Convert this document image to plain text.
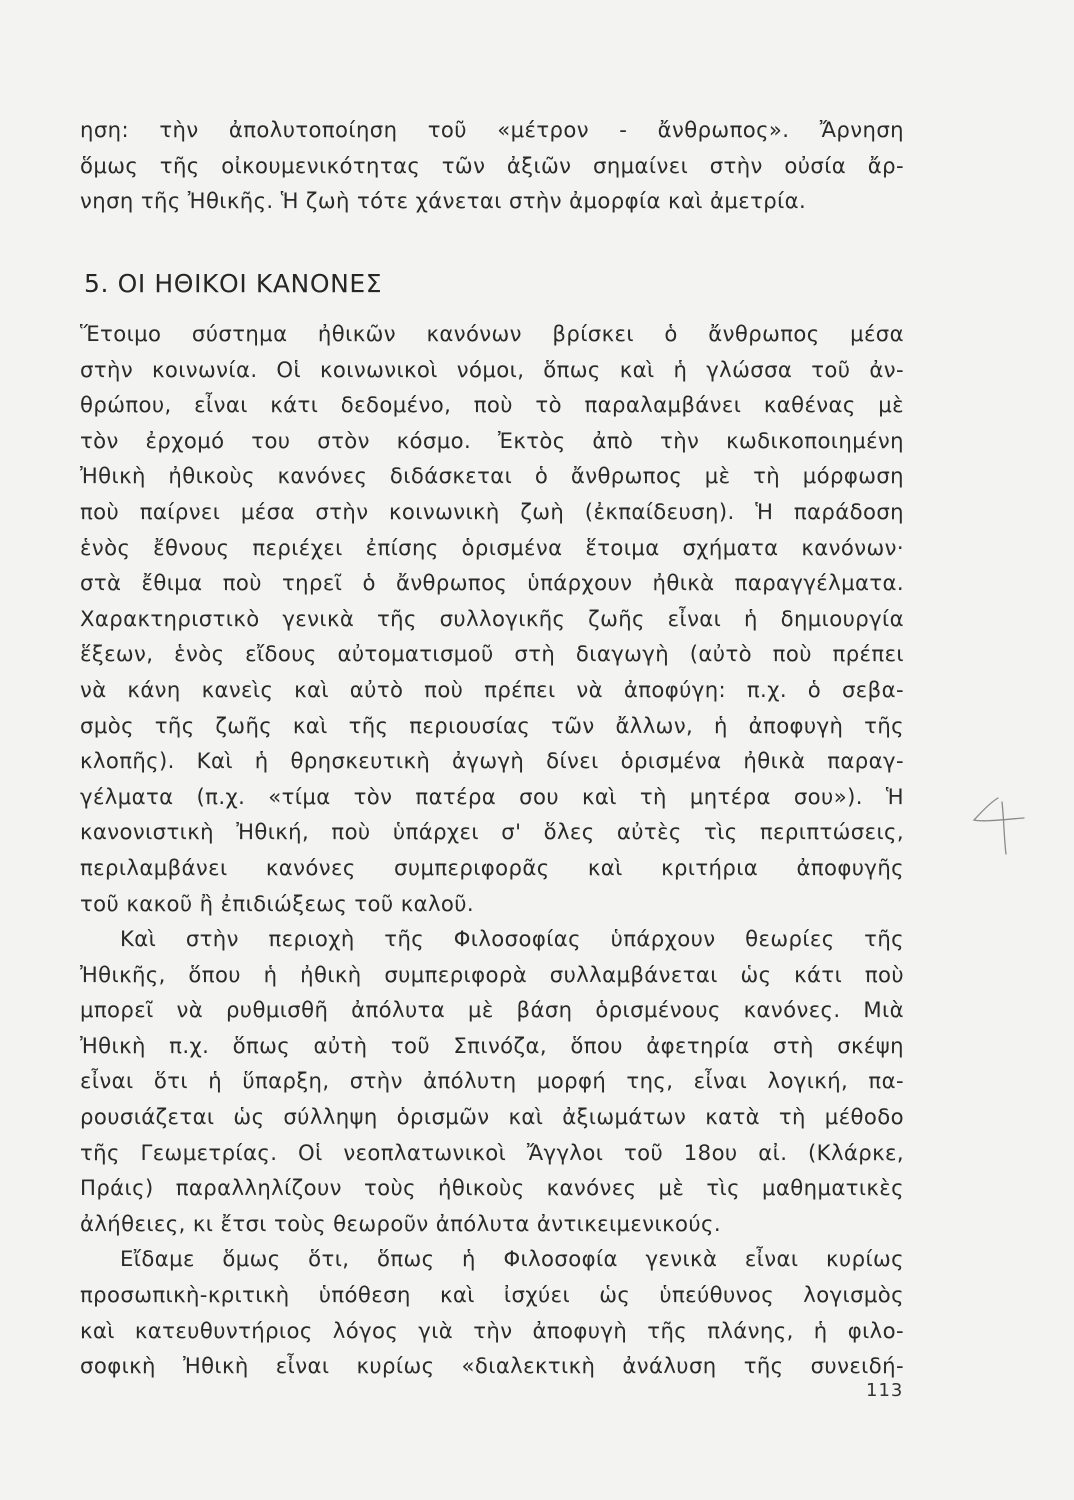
ηση: τὴν ἀπολυτοποίηση τοῦ «μέτρον - ἄνθρωπος». Ἄρνηση
ὅμως τῆς οἰκουμενικότητας τῶν ἀξιῶν σημαίνει στὴν οὐσία ἄρ-
νηση τῆς Ἠθικῆς. Ἡ ζωὴ τότε χάνεται στὴν ἀμορφία καὶ ἀμετρία.
5. ΟΙ ΗΘΙΚΟΙ ΚΑΝΟΝΕΣ
Ἕτοιμο σύστημα ἠθικῶν κανόνων βρίσκει ὁ ἄνθρωπος μέσα
στὴν κοινωνία. Οἱ κοινωνικοὶ νόμοι, ὅπως καὶ ἡ γλώσσα τοῦ ἀν-
θρώπου, εἶναι κάτι δεδομένο, ποὺ τὸ παραλαμβάνει καθένας μὲ
τὸν ἐρχομό του στὸν κόσμο. Ἐκτὸς ἀπὸ τὴν κωδικοποιημένη
Ἠθικὴ ἠθικοὺς κανόνες διδάσκεται ὁ ἄνθρωπος μὲ τὴ μόρφωση
ποὺ παίρνει μέσα στὴν κοινωνικὴ ζωὴ (ἐκπαίδευση). Ἡ παράδοση
ἑνὸς ἔθνους περιέχει ἐπίσης ὁρισμένα ἕτοιμα σχήματα κανόνων·
στὰ ἔθιμα ποὺ τηρεῖ ὁ ἄνθρωπος ὑπάρχουν ἠθικὰ παραγγέλματα.
Χαρακτηριστικὸ γενικὰ τῆς συλλογικῆς ζωῆς εἶναι ἡ δημιουργία
ἕξεων, ἑνὸς εἴδους αὐτοματισμοῦ στὴ διαγωγὴ (αὐτὸ ποὺ πρέπει
νὰ κάνη κανεὶς καὶ αὐτὸ ποὺ πρέπει νὰ ἀποφύγη: π.χ. ὁ σεβα-
σμὸς τῆς ζωῆς καὶ τῆς περιουσίας τῶν ἄλλων, ἡ ἀποφυγὴ τῆς
κλοπῆς). Καὶ ἡ θρησκευτικὴ ἀγωγὴ δίνει ὁρισμένα ἠθικὰ παραγ-
γέλματα (π.χ. «τίμα τὸν πατέρα σου καὶ τὴ μητέρα σου»). Ἡ
κανονιστικὴ Ἠθική, ποὺ ὑπάρχει σ' ὅλες αὐτὲς τὶς περιπτώσεις,
περιλαμβάνει κανόνες συμπεριφορᾶς καὶ κριτήρια ἀποφυγῆς
τοῦ κακοῦ ἢ ἐπιδιώξεως τοῦ καλοῦ.
Καὶ στὴν περιοχὴ τῆς Φιλοσοφίας ὑπάρχουν θεωρίες τῆς
Ἠθικῆς, ὅπου ἡ ἠθικὴ συμπεριφορὰ συλλαμβάνεται ὡς κάτι ποὺ
μπορεῖ νὰ ρυθμισθῆ ἀπόλυτα μὲ βάση ὁρισμένους κανόνες. Μιὰ
Ἠθικὴ π.χ. ὅπως αὐτὴ τοῦ Σπινόζα, ὅπου ἀφετηρία στὴ σκέψη
εἶναι ὅτι ἡ ὕπαρξη, στὴν ἀπόλυτη μορφή της, εἶναι λογική, πα-
ρουσιάζεται ὡς σύλληψη ὁρισμῶν καὶ ἀξιωμάτων κατὰ τὴ μέθοδο
τῆς Γεωμετρίας. Οἱ νεοπλατωνικοὶ Ἄγγλοι τοῦ 18ου αἰ. (Κλάρκε,
Πράις) παραλληλίζουν τοὺς ἠθικοὺς κανόνες μὲ τὶς μαθηματικὲς
ἀλήθειες, κι ἔτσι τοὺς θεωροῦν ἀπόλυτα ἀντικειμενικούς.
Εἴδαμε ὅμως ὅτι, ὅπως ἡ Φιλοσοφία γενικὰ εἶναι κυρίως
προσωπικὴ-κριτικὴ ὑπόθεση καὶ ἰσχύει ὡς ὑπεύθυνος λογισμὸς
καὶ κατευθυντήριος λόγος γιὰ τὴν ἀποφυγὴ τῆς πλάνης, ἡ φιλο-
σοφικὴ Ἠθικὴ εἶναι κυρίως «διαλεκτικὴ ἀνάλυση τῆς συνειδή-
113
